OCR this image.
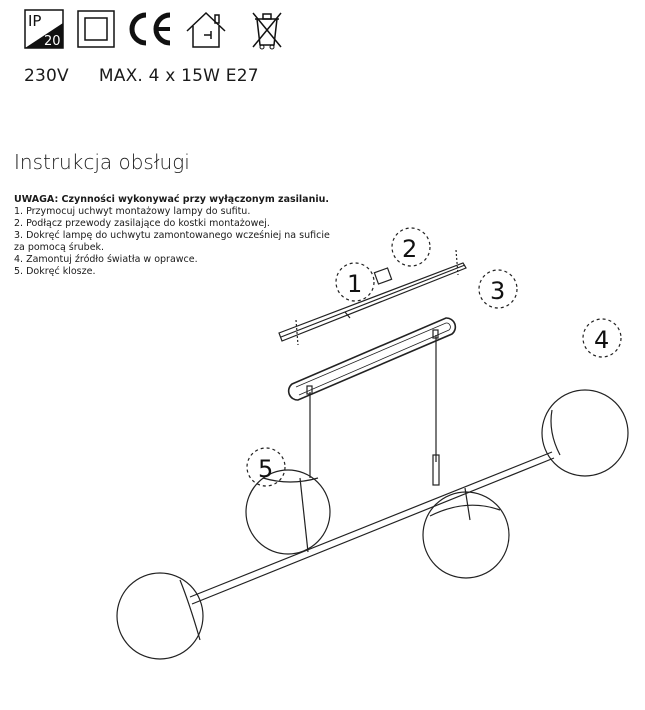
IP
20
230V MAX. 4 x 15W E27
Instrukcja obsługi
UWAGA: Czynności wykonywać przy wyłączonym zasilaniu.
1. Przymocuj uchwyt montażowy lampy do sufitu.
2. Podłącz przewody zasilające do kostki montażowej.
3. Dokręć lampę do uchwytu zamontowanego wcześniej na suficie
za pomocą śrubek.
4. Zamontuj źródło światła w oprawce.
5. Dokręć klosze.	1
2
3
4
5
